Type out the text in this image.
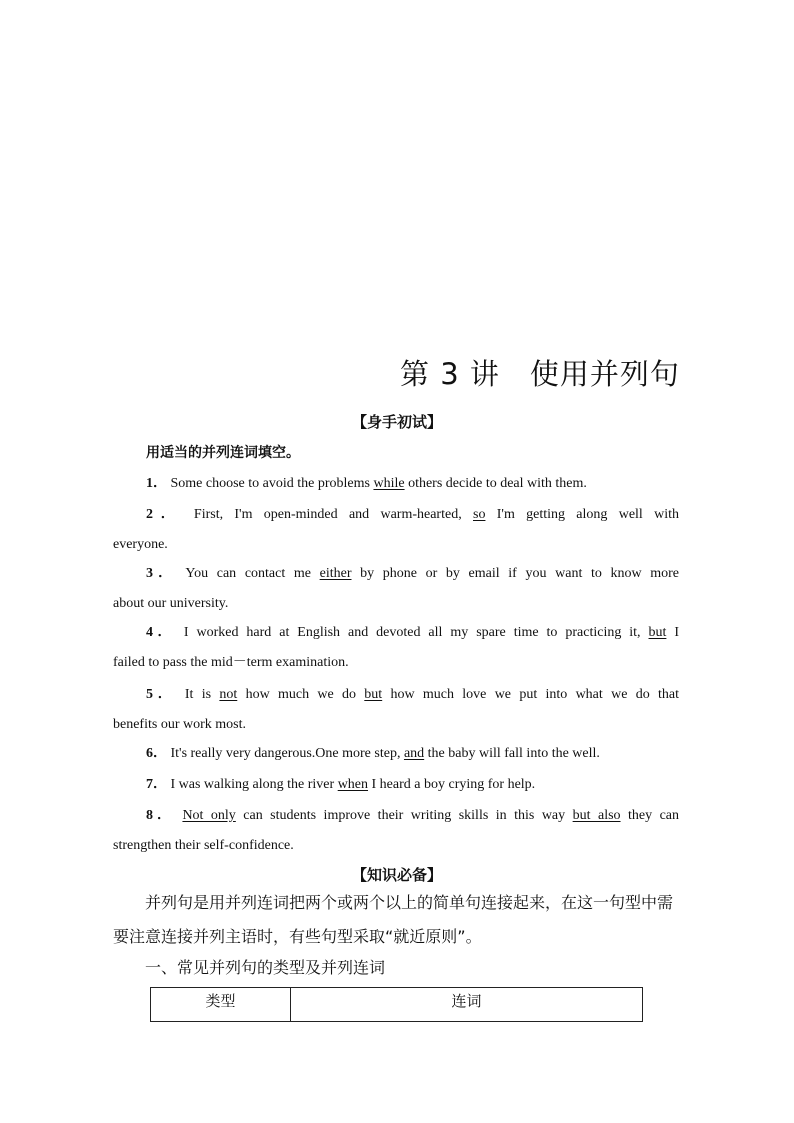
第 3 讲　使用并列句
【身手初试】
用适当的并列连词填空。
1． Some choose to avoid the problems while others decide to deal with them.
2． First, I'm open-minded and warm-hearted, so I'm getting along well with
everyone.
3． You can contact me either by phone or by email if you want to know more
about our university.
4． I worked hard at English and devoted all my spare time to practicing it, but I
failed to pass the mid－term examination.
5． It is not how much we do but how much love we put into what we do that
benefits our work most.
6． It's really very dangerous.One more step, and the baby will fall into the well.
7． I was walking along the river when I heard a boy crying for help.
8． Not only can students improve their writing skills in this way but also they can
strengthen their self-confidence.
【知识必备】
并列句是用并列连词把两个或两个以上的简单句连接起来，在这一句型中需
要注意连接并列主语时，有些句型采取“就近原则”。
一、常见并列句的类型及并列连词
类型	连词
